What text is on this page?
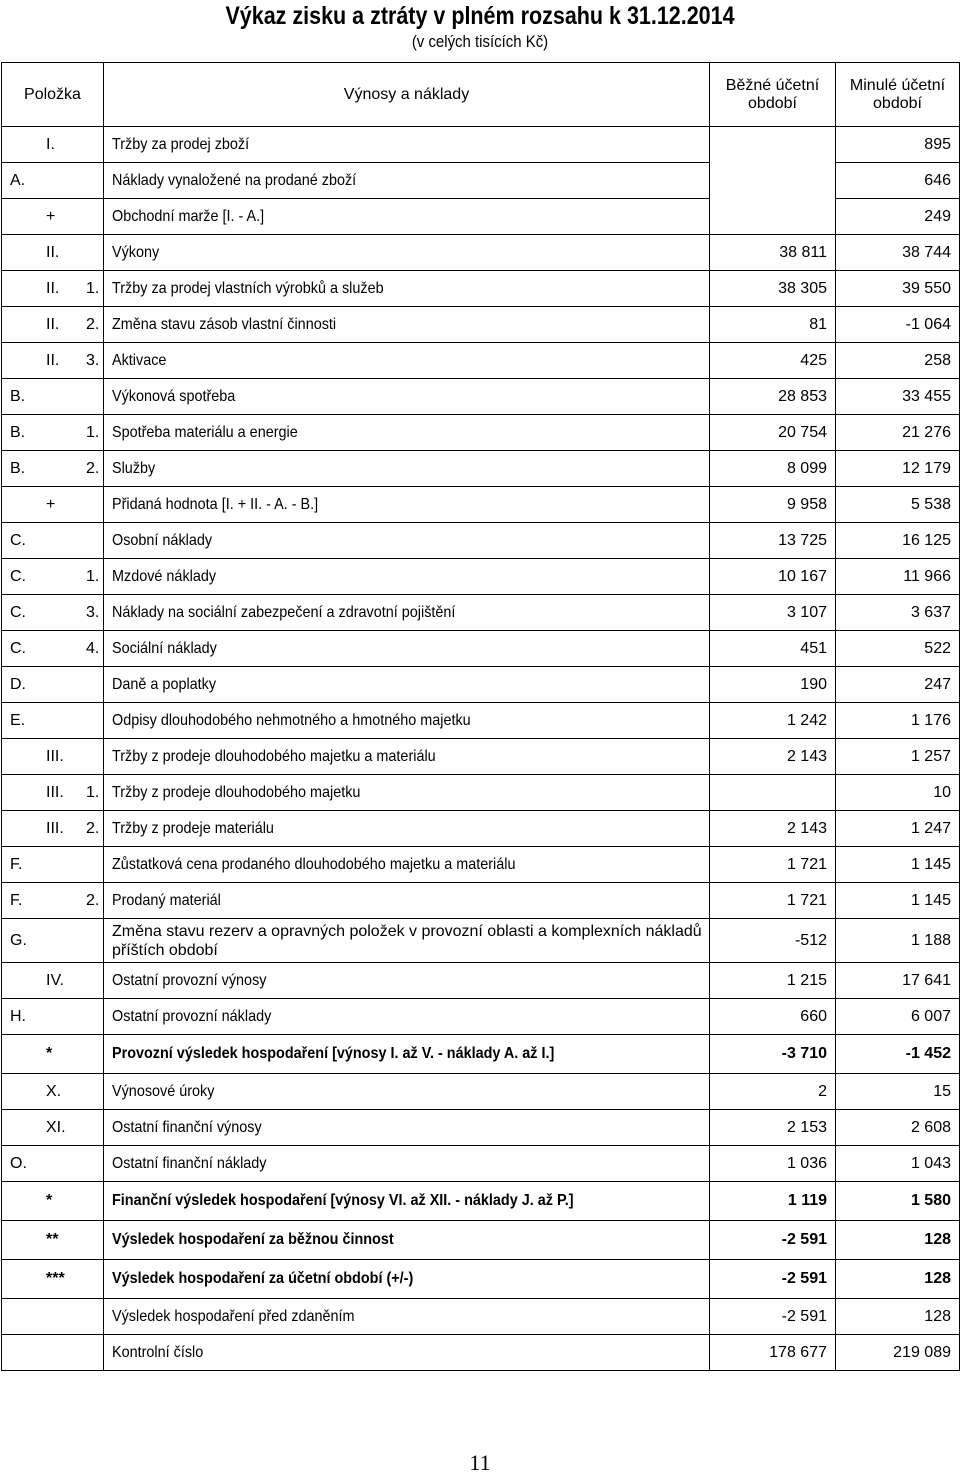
Výkaz zisku a ztráty v plném rozsahu k 31.12.2014
(v celých tisících Kč)
Položka	Výnosy a náklady	Běžné účetní období	Minulé účetní období

I.	Tržby za prodej zboží		895

A.	Náklady vynaložené na prodané zboží		646

+	Obchodní marže [I. - A.]		249

II.	Výkony	38 811	38 744

II. 1.	Tržby za prodej vlastních výrobků a služeb	38 305	39 550

II. 2.	Změna stavu zásob vlastní činnosti	81	-1 064

II. 3.	Aktivace	425	258

B.	Výkonová spotřeba	28 853	33 455

B. 1.	Spotřeba materiálu a energie	20 754	21 276

B. 2.	Služby	8 099	12 179

+	Přidaná hodnota [I. + II. - A. - B.]	9 958	5 538

C.	Osobní náklady	13 725	16 125

C. 1.	Mzdové náklady	10 167	11 966

C. 3.	Náklady na sociální zabezpečení a zdravotní pojištění	3 107	3 637

C. 4.	Sociální náklady	451	522

D.	Daně a poplatky	190	247

E.	Odpisy dlouhodobého nehmotného a hmotného majetku	1 242	1 176

III.	Tržby z prodeje dlouhodobého majetku a materiálu	2 143	1 257

III. 1.	Tržby z prodeje dlouhodobého majetku		10

III. 2.	Tržby z prodeje materiálu	2 143	1 247

F.	Zůstatková cena prodaného dlouhodobého majetku a materiálu	1 721	1 145

F. 2.	Prodaný materiál	1 721	1 145

G.	Změna stavu rezerv a opravných položek v provozní oblasti a komplexních nákladů příštích období	-512	1 188

IV.	Ostatní provozní výnosy	1 215	17 641

H.	Ostatní provozní náklady	660	6 007

*	Provozní výsledek hospodaření [výnosy I. až V. - náklady A. až I.]	-3 710	-1 452

X.	Výnosové úroky	2	15

XI.	Ostatní finanční výnosy	2 153	2 608

O.	Ostatní finanční náklady	1 036	1 043

*	Finanční výsledek hospodaření [výnosy VI. až XII. - náklady J. až P.]	1 119	1 580

**	Výsledek hospodaření za běžnou činnost	-2 591	128

***	Výsledek hospodaření za účetní období (+/-)	-2 591	128

	Výsledek hospodaření před zdaněním	-2 591	128

	Kontrolní číslo	178 677	219 089
11
